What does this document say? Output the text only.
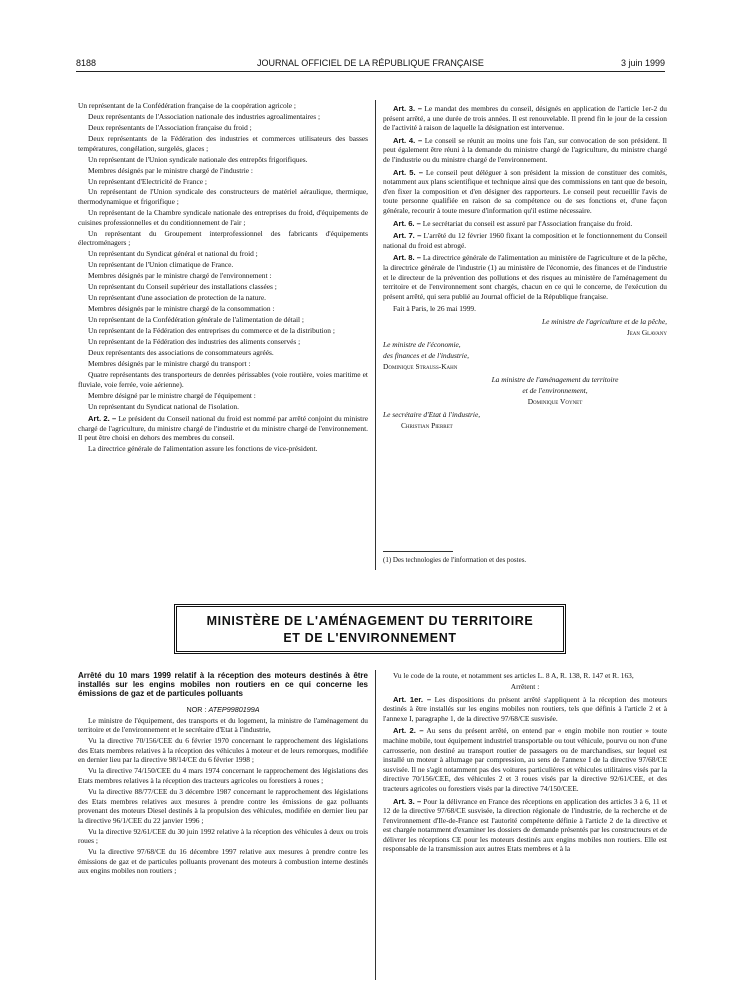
8188	JOURNAL OFFICIEL DE LA RÉPUBLIQUE FRANÇAISE	3 juin 1999

Un représentant de la Confédération française de la coopération agricole ;

Deux représentants de l'Association nationale des industries agroalimentaires ;

Deux représentants de l'Association française du froid ;

Deux représentants de la Fédération des industries et commerces utilisateurs des basses températures, congélation, surgelés, glaces ;

Un représentant de l'Union syndicale nationale des entrepôts frigorifiques.

Membres désignés par le ministre chargé de l'industrie :

Un représentant d'Electricité de France ;

Un représentant de l'Union syndicale des constructeurs de matériel aéraulique, thermique, thermodynamique et frigorifique ;

Un représentant de la Chambre syndicale nationale des entreprises du froid, d'équipements de cuisines professionnelles et du conditionnement de l'air ;

Un représentant du Groupement interprofessionnel des fabricants d'équipements électroménagers ;

Un représentant du Syndicat général et national du froid ;

Un représentant de l'Union climatique de France.

Membres désignés par le ministre chargé de l'environnement :

Un représentant du Conseil supérieur des installations classées ;

Un représentant d'une association de protection de la nature.

Membres désignés par le ministre chargé de la consommation :

Un représentant de la Confédération générale de l'alimentation de détail ;

Un représentant de la Fédération des entreprises du commerce et de la distribution ;

Un représentant de la Fédération des industries des aliments conservés ;

Deux représentants des associations de consommateurs agréés.

Membres désignés par le ministre chargé du transport :

Quatre représentants des transporteurs de denrées périssables (voie routière, voies maritime et fluviale, voie ferrée, voie aérienne).

Membre désigné par le ministre chargé de l'équipement :

Un représentant du Syndicat national de l'isolation.

Art. 2. – Le président du Conseil national du froid est nommé par arrêté conjoint du ministre chargé de l'agriculture, du ministre chargé de l'industrie et du ministre chargé de l'environnement. Il peut être choisi en dehors des membres du conseil.

La directrice générale de l'alimentation assure les fonctions de vice-président.

Art. 3. – Le mandat des membres du conseil, désignés en application de l'article 1er-2 du présent arrêté, a une durée de trois années. Il est renouvelable. Il prend fin le jour de la cession de l'activité à raison de laquelle la désignation est intervenue.

Art. 4. – Le conseil se réunit au moins une fois l'an, sur convocation de son président. Il peut également être réuni à la demande du ministre chargé de l'agriculture, du ministre chargé de l'industrie ou du ministre chargé de l'environnement.

Art. 5. – Le conseil peut déléguer à son président la mission de constituer des comités, notamment aux plans scientifique et technique ainsi que des commissions en tant que de besoin, d'en fixer la composition et d'en désigner des rapporteurs. Le conseil peut recueillir l'avis de toute personne qualifiée en raison de sa compétence ou de ses fonctions et, d'une façon générale, recourir à toute mesure d'information qu'il estime nécessaire.

Art. 6. – Le secrétariat du conseil est assuré par l'Association française du froid.

Art. 7. – L'arrêté du 12 février 1960 fixant la composition et le fonctionnement du Conseil national du froid est abrogé.

Art. 8. – La directrice générale de l'alimentation au ministère de l'agriculture et de la pêche, la directrice générale de l'industrie (1) au ministère de l'économie, des finances et de l'industrie et le directeur de la prévention des pollutions et des risques au ministère de l'aménagement du territoire et de l'environnement sont chargés, chacun en ce qui le concerne, de l'exécution du présent arrêté, qui sera publié au Journal officiel de la République française.

Fait à Paris, le 26 mai 1999.

Le ministre de l'agriculture et de la pêche,

Jean Glavany

Le ministre de l'économie,

des finances et de l'industrie,

Dominique Strauss-Kahn

La ministre de l'aménagement du territoire

et de l'environnement,

Dominique Voynet

Le secrétaire d'Etat à l'industrie,

Christian Pierret

(1) Des technologies de l'information et des postes.
MINISTÈRE DE L'AMÉNAGEMENT DU TERRITOIRE
ET DE L'ENVIRONNEMENT
Arrêté du 10 mars 1999 relatif à la réception des moteurs destinés à être installés sur les engins mobiles non routiers en ce qui concerne les émissions de gaz et de particules polluants

NOR : ATEP9980199A

Le ministre de l'équipement, des transports et du logement, la ministre de l'aménagement du territoire et de l'environnement et le secrétaire d'Etat à l'industrie,

Vu la directive 70/156/CEE du 6 février 1970 concernant le rapprochement des législations des Etats membres relatives à la réception des véhicules à moteur et de leurs remorques, modifiée en dernier lieu par la directive 98/14/CE du 6 février 1998 ;

Vu la directive 74/150/CEE du 4 mars 1974 concernant le rapprochement des législations des Etats membres relatives à la réception des tracteurs agricoles ou forestiers à roues ;

Vu la directive 88/77/CEE du 3 décembre 1987 concernant le rapprochement des législations des Etats membres relatives aux mesures à prendre contre les émissions de gaz polluants provenant des moteurs Diesel destinés à la propulsion des véhicules, modifiée en dernier lieu par la directive 96/1/CEE du 22 janvier 1996 ;

Vu la directive 92/61/CEE du 30 juin 1992 relative à la réception des véhicules à deux ou trois roues ;

Vu la directive 97/68/CE du 16 décembre 1997 relative aux mesures à prendre contre les émissions de gaz et de particules polluants provenant des moteurs à combustion interne destinés aux engins mobiles non routiers ;

Vu le code de la route, et notamment ses articles L. 8 A, R. 138, R. 147 et R. 163,

Arrêtent :

Art. 1er. – Les dispositions du présent arrêté s'appliquent à la réception des moteurs destinés à être installés sur les engins mobiles non routiers, tels que définis à l'article 2 et à l'annexe I, paragraphe 1, de la directive 97/68/CE susvisée.

Art. 2. – Au sens du présent arrêté, on entend par « engin mobile non routier » toute machine mobile, tout équipement industriel transportable ou tout véhicule, pourvu ou non d'une carrosserie, non destiné au transport routier de passagers ou de marchandises, sur lequel est installé un moteur à allumage par compression, au sens de l'annexe I de la directive 97/68/CE susvisée. Il ne s'agit notamment pas des voitures particulières et véhicules utilitaires visés par la directive 70/156/CEE, des véhicules 2 et 3 roues visés par la directive 92/61/CEE, et des tracteurs agricoles ou forestiers visés par la directive 74/150/CEE.

Art. 3. – Pour la délivrance en France des réceptions en application des articles 3 à 6, 11 et 12 de la directive 97/68/CE susvisée, la direction régionale de l'industrie, de la recherche et de l'environnement d'Ile-de-France est l'autorité compétente définie à l'article 2 de la directive et est chargée notamment d'examiner les dossiers de demande présentés par les constructeurs et de délivrer les réceptions CE pour les moteurs destinés aux engins mobiles non routiers. Elle est responsable de la transmission aux autres Etats membres et à la
